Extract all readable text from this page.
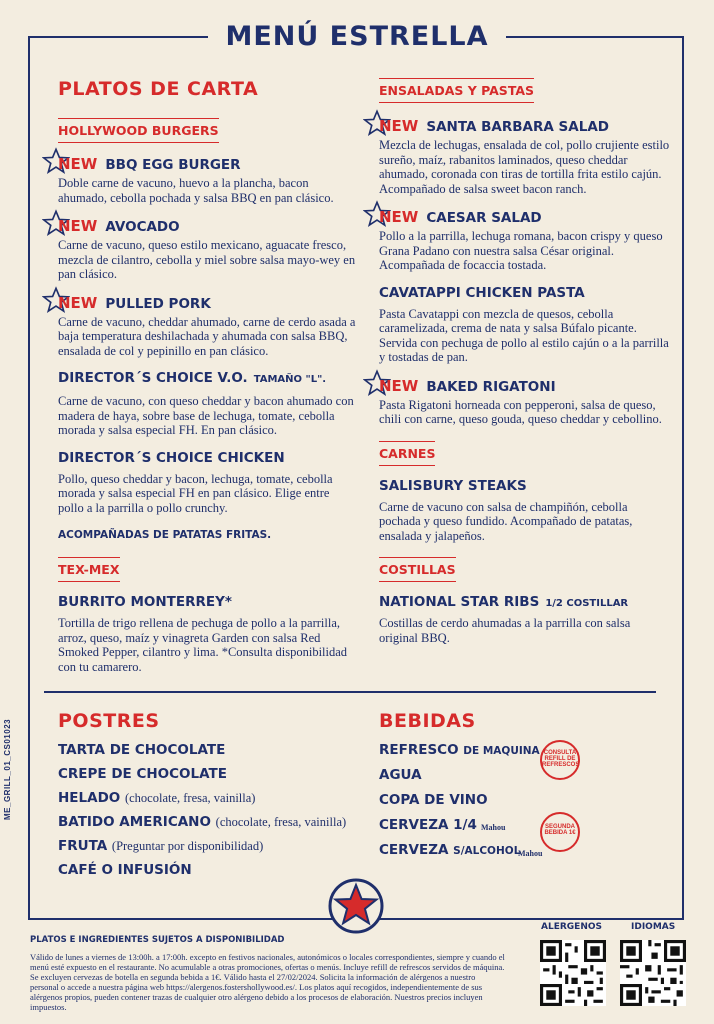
MENÚ ESTRELLA
PLATOS DE CARTA
HOLLYWOOD BURGERS
NEW BBQ EGG BURGER
Doble carne de vacuno, huevo a la plancha, bacon ahumado, cebolla pochada y salsa BBQ en pan clásico.
NEW AVOCADO
Carne de vacuno, queso estilo mexicano, aguacate fresco, mezcla de cilantro, cebolla y miel sobre salsa mayo-wey en pan clásico.
NEW PULLED PORK
Carne de vacuno, cheddar ahumado, carne de cerdo asada a baja temperatura deshilachada y ahumada con salsa BBQ, ensalada de col y pepinillo en pan clásico.
DIRECTOR´S CHOICE V.O. TAMAÑO "L".
Carne de vacuno, con queso cheddar y bacon ahumado con madera de haya, sobre base de lechuga, tomate, cebolla morada y salsa especial FH. En pan clásico.
DIRECTOR´S CHOICE CHICKEN
Pollo, queso cheddar y bacon, lechuga, tomate, cebolla morada y salsa especial FH en pan clásico. Elige entre pollo a la parrilla o pollo crunchy.
ACOMPAÑADAS DE PATATAS FRITAS.
TEX-MEX
BURRITO MONTERREY*
Tortilla de trigo rellena de pechuga de pollo a la parrilla, arroz, queso, maíz y vinagreta Garden con salsa Red Smoked Pepper, cilantro y lima. *Consulta disponibilidad con tu camarero.
ENSALADAS Y PASTAS
NEW SANTA BARBARA SALAD
Mezcla de lechugas, ensalada de col, pollo crujiente estilo sureño, maíz, rabanitos laminados, queso cheddar ahumado, coronada con tiras de tortilla frita estilo cajún. Acompañado de salsa sweet bacon ranch.
NEW CAESAR SALAD
Pollo a la parrilla, lechuga romana, bacon crispy y queso Grana Padano con nuestra salsa César original. Acompañada de focaccia tostada.
CAVATAPPI CHICKEN PASTA
Pasta Cavatappi con mezcla de quesos, cebolla caramelizada, crema de nata y salsa Búfalo picante. Servida con pechuga de pollo al estilo cajún o a la parrilla y tostadas de pan.
NEW BAKED RIGATONI
Pasta Rigatoni horneada con pepperoni, salsa de queso, chili con carne, queso gouda, queso cheddar y cebollino.
CARNES
SALISBURY STEAKS
Carne de vacuno con salsa de champiñón, cebolla pochada y queso fundido. Acompañado de patatas, ensalada y jalapeños.
COSTILLAS
NATIONAL STAR RIBS 1/2 COSTILLAR
Costillas de cerdo ahumadas a la parrilla con salsa original BBQ.
POSTRES
TARTA DE CHOCOLATE
CREPE DE CHOCOLATE
HELADO (chocolate, fresa, vainilla)
BATIDO AMERICANO (chocolate, fresa, vainilla)
FRUTA (Preguntar por disponibilidad)
CAFÉ O INFUSIÓN
BEBIDAS
REFRESCO DE MAQUINA
AGUA
COPA DE VINO
CERVEZA 1/4
CERVEZA S/ALCOHOL
CONSULTA REFILL DE REFRESCOS
SEGUNDA BEBIDA 1€
Mahou
Mahou
ME_GRILL_01_CS01023
PLATOS E INGREDIENTES SUJETOS A DISPONIBILIDAD
Válido de lunes a viernes de 13:00h. a 17:00h. excepto en festivos nacionales, autonómicos o locales correspondientes, siempre y cuando el menú esté expuesto en el restaurante. No acumulable a otras promociones, ofertas o menús. Incluye refill de refrescos servidos de máquina. Se excluyen cervezas de botella en segunda bebida a 1€. Válido hasta el 27/02/2024. Solicita la información de alérgenos a nuestro personal o accede a nuestra página web https://alergenos.fostershollywood.es/. Los platos aquí recogidos, independientemente de sus alérgenos propios, pueden contener trazas de cualquier otro alérgeno debido a los procesos de elaboración. Nuestros precios incluyen impuestos.
ALERGENOS	IDIOMAS
